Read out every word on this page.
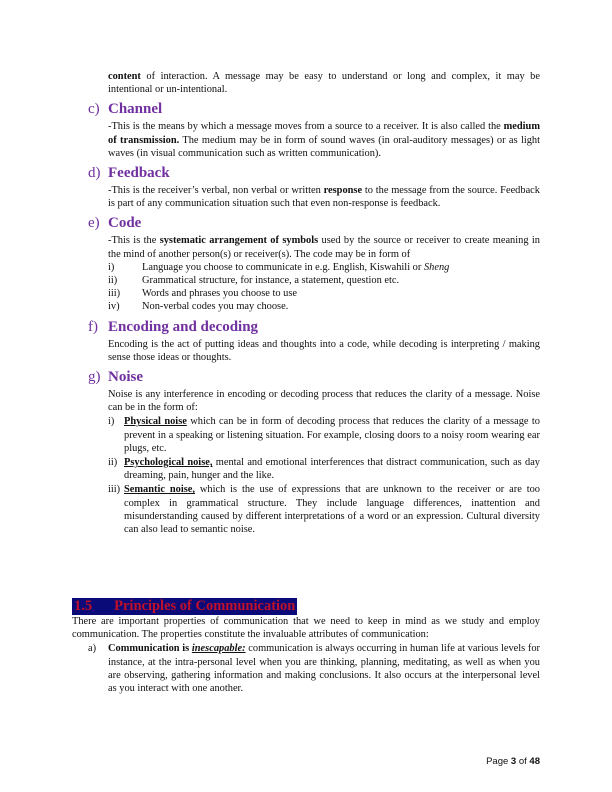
content of interaction. A message may be easy to understand or long and complex, it may be intentional or un-intentional.

c) Channel

-This is the means by which a message moves from a source to a receiver. It is also called the medium of transmission. The medium may be in form of sound waves (in oral-auditory messages) or as light waves (in visual communication such as written communication).

d) Feedback

-This is the receiver’s verbal, non verbal or written response to the message from the source. Feedback is part of any communication situation such that even non-response is feedback.

e) Code

-This is the systematic arrangement of symbols used by the source or receiver to create meaning in the mind of another person(s) or receiver(s). The code may be in form of

i)	Language you choose to communicate in e.g. English, Kiswahili or Sheng
ii)	Grammatical structure, for instance, a statement, question etc.
iii)	Words and phrases you choose to use
iv)	Non-verbal codes you may choose.
f) Encoding and decoding

Encoding is the act of putting ideas and thoughts into a code, while decoding is interpreting / making sense those ideas or thoughts.

g) Noise

Noise is any interference in encoding or decoding process that reduces the clarity of a message. Noise can be in the form of:

i) Physical noise which can be in form of decoding process that reduces the clarity of a message to prevent in a speaking or listening situation. For example, closing doors to a noisy room wearing ear plugs, etc.

ii) Psychological noise, mental and emotional interferences that distract communication, such as day dreaming, pain, hunger and the like.

iii) Semantic noise, which is the use of expressions that are unknown to the receiver or are too complex in grammatical structure. They include language differences, inattention and misunderstanding caused by different interpretations of a word or an expression. Cultural diversity can also lead to semantic noise.

1.5 Principles of Communication

There are important properties of communication that we need to keep in mind as we study and employ communication. The properties constitute the invaluable attributes of communication:

a)	Communication is inescapable: communication is always occurring in human life at various levels for instance, at the intra-personal level when you are thinking, planning, meditating, as well as when you are observing, gathering information and making conclusions. It also occurs at the interpersonal level as you interact with one another.

Page 3 of 48
